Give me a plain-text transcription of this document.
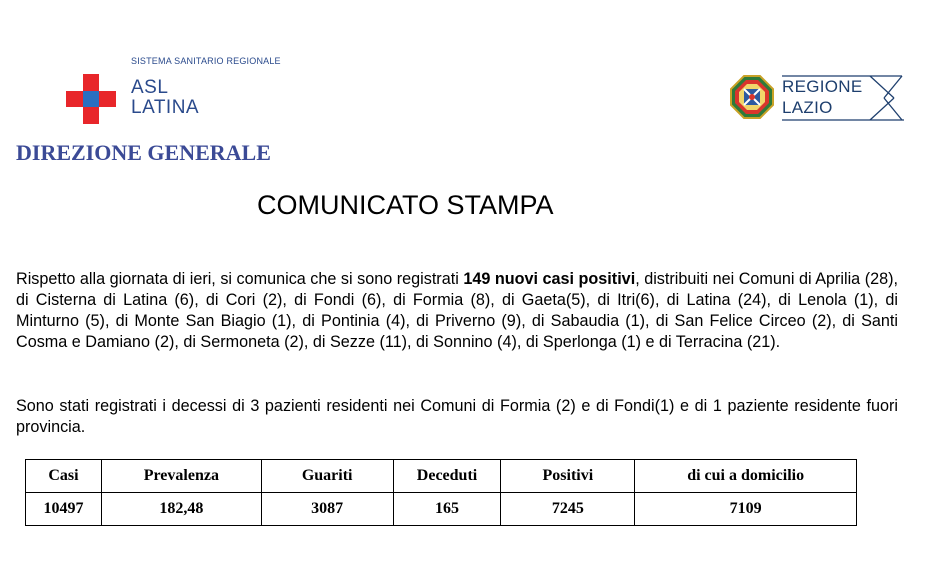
SISTEMA SANITARIO REGIONALE
ASL
LATINA
REGIONE
LAZIO
DIREZIONE GENERALE
COMUNICATO STAMPA
Rispetto alla giornata di ieri, si comunica che si sono registrati 149 nuovi casi positivi, distribuiti nei Comuni di Aprilia (28), di Cisterna di Latina (6), di Cori (2), di Fondi (6), di Formia (8), di Gaeta(5), di Itri(6), di Latina (24), di Lenola (1), di Minturno (5), di Monte San Biagio (1), di Pontinia (4), di Priverno (9), di Sabaudia (1), di San Felice Circeo (2), di Santi Cosma e Damiano (2), di Sermoneta (2), di Sezze (11), di Sonnino (4), di Sperlonga (1) e di Terracina (21).
Sono stati registrati i decessi di 3 pazienti residenti nei Comuni di Formia (2) e di Fondi(1) e di 1 paziente residente fuori provincia.
Casi	Prevalenza	Guariti	Deceduti	Positivi	di cui a domicilio
10497	182,48	3087	165	7245	7109
